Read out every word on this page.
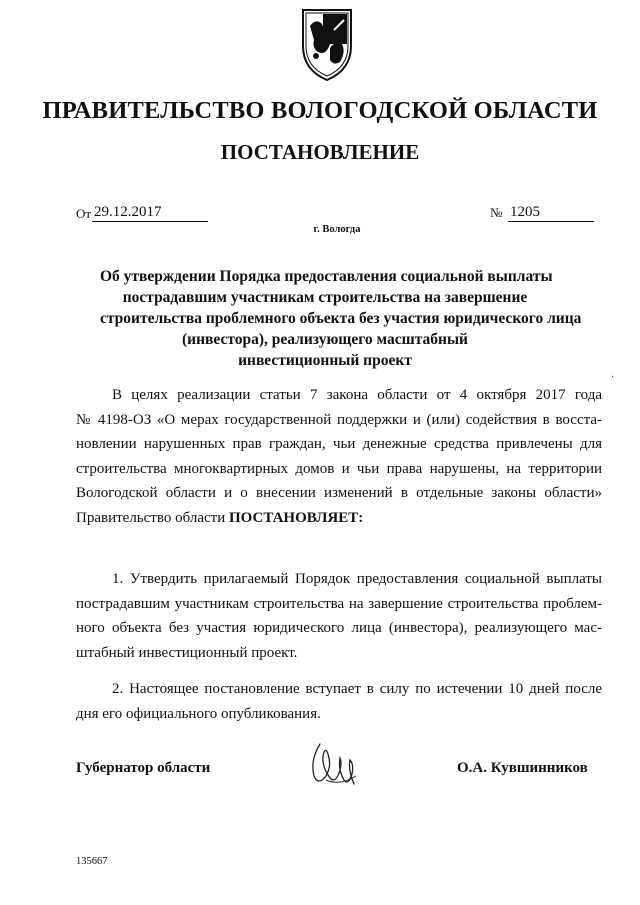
ПРАВИТЕЛЬСТВО ВОЛОГОДСКОЙ ОБЛАСТИ
ПОСТАНОВЛЕНИЕ
От 29.12.2017	№ 1205
г. Вологда
Об утверждении Порядка предоставления социальной выплаты
пострадавшим участникам строительства на завершение
строительства проблемного объекта без участия юридического лица
(инвестора), реализующего масштабный
инвестиционный проект
·
В целях реализации статьи 7 закона области от 4 октября 2017 года
№ 4198-ОЗ «О мерах государственной поддержки и (или) содействия в восста-
новлении нарушенных прав граждан, чьи денежные средства привлечены для
строительства многоквартирных домов и чьи права нарушены, на территории
Вологодской области и о внесении изменений в отдельные законы области»
Правительство области ПОСТАНОВЛЯЕТ:
1. Утвердить прилагаемый Порядок предоставления социальной выплаты
пострадавшим участникам строительства на завершение строительства проблем-
ного объекта без участия юридического лица (инвестора), реализующего мас-
штабный инвестиционный проект.
2. Настоящее постановление вступает в силу по истечении 10 дней после
дня его официального опубликования.
Губернатор области	О.А. Кувшинников
135667
